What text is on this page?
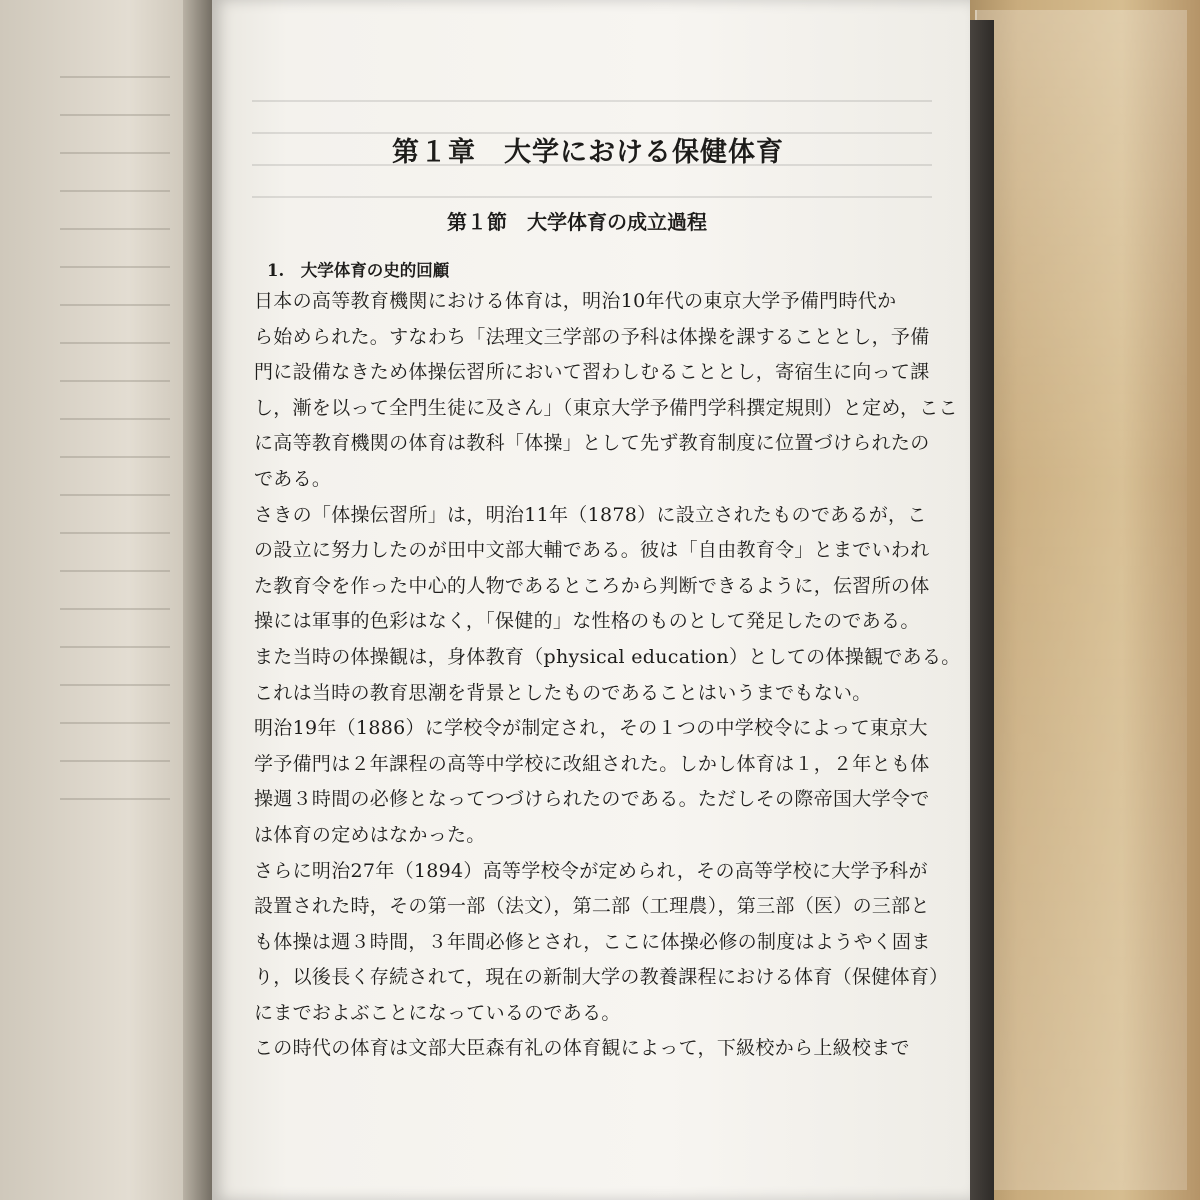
第１章　大学における保健体育
第１節　大学体育の成立過程
1.　大学体育の史的回顧
日本の高等教育機関における体育は，明治10年代の東京大学予備門時代か
ら始められた。すなわち「法理文三学部の予科は体操を課することとし，予備
門に設備なきため体操伝習所において習わしむることとし，寄宿生に向って課
し，漸を以って全門生徒に及さん」（東京大学予備門学科撰定規則）と定め，ここ
に高等教育機関の体育は教科「体操」として先ず教育制度に位置づけられたの
である。
さきの「体操伝習所」は，明治11年（1878）に設立されたものであるが，こ
の設立に努力したのが田中文部大輔である。彼は「自由教育令」とまでいわれ
た教育令を作った中心的人物であるところから判断できるように，伝習所の体
操には軍事的色彩はなく，「保健的」な性格のものとして発足したのである。
また当時の体操観は，身体教育（physical education）としての体操観である。
これは当時の教育思潮を背景としたものであることはいうまでもない。
明治19年（1886）に学校令が制定され，その１つの中学校令によって東京大
学予備門は２年課程の高等中学校に改組された。しかし体育は１，２年とも体
操週３時間の必修となってつづけられたのである。ただしその際帝国大学令で
は体育の定めはなかった。
さらに明治27年（1894）高等学校令が定められ，その高等学校に大学予科が
設置された時，その第一部（法文），第二部（工理農），第三部（医）の三部と
も体操は週３時間，３年間必修とされ，ここに体操必修の制度はようやく固ま
り，以後長く存続されて，現在の新制大学の教養課程における体育（保健体育）
にまでおよぶことになっているのである。
この時代の体育は文部大臣森有礼の体育観によって，下級校から上級校まで
